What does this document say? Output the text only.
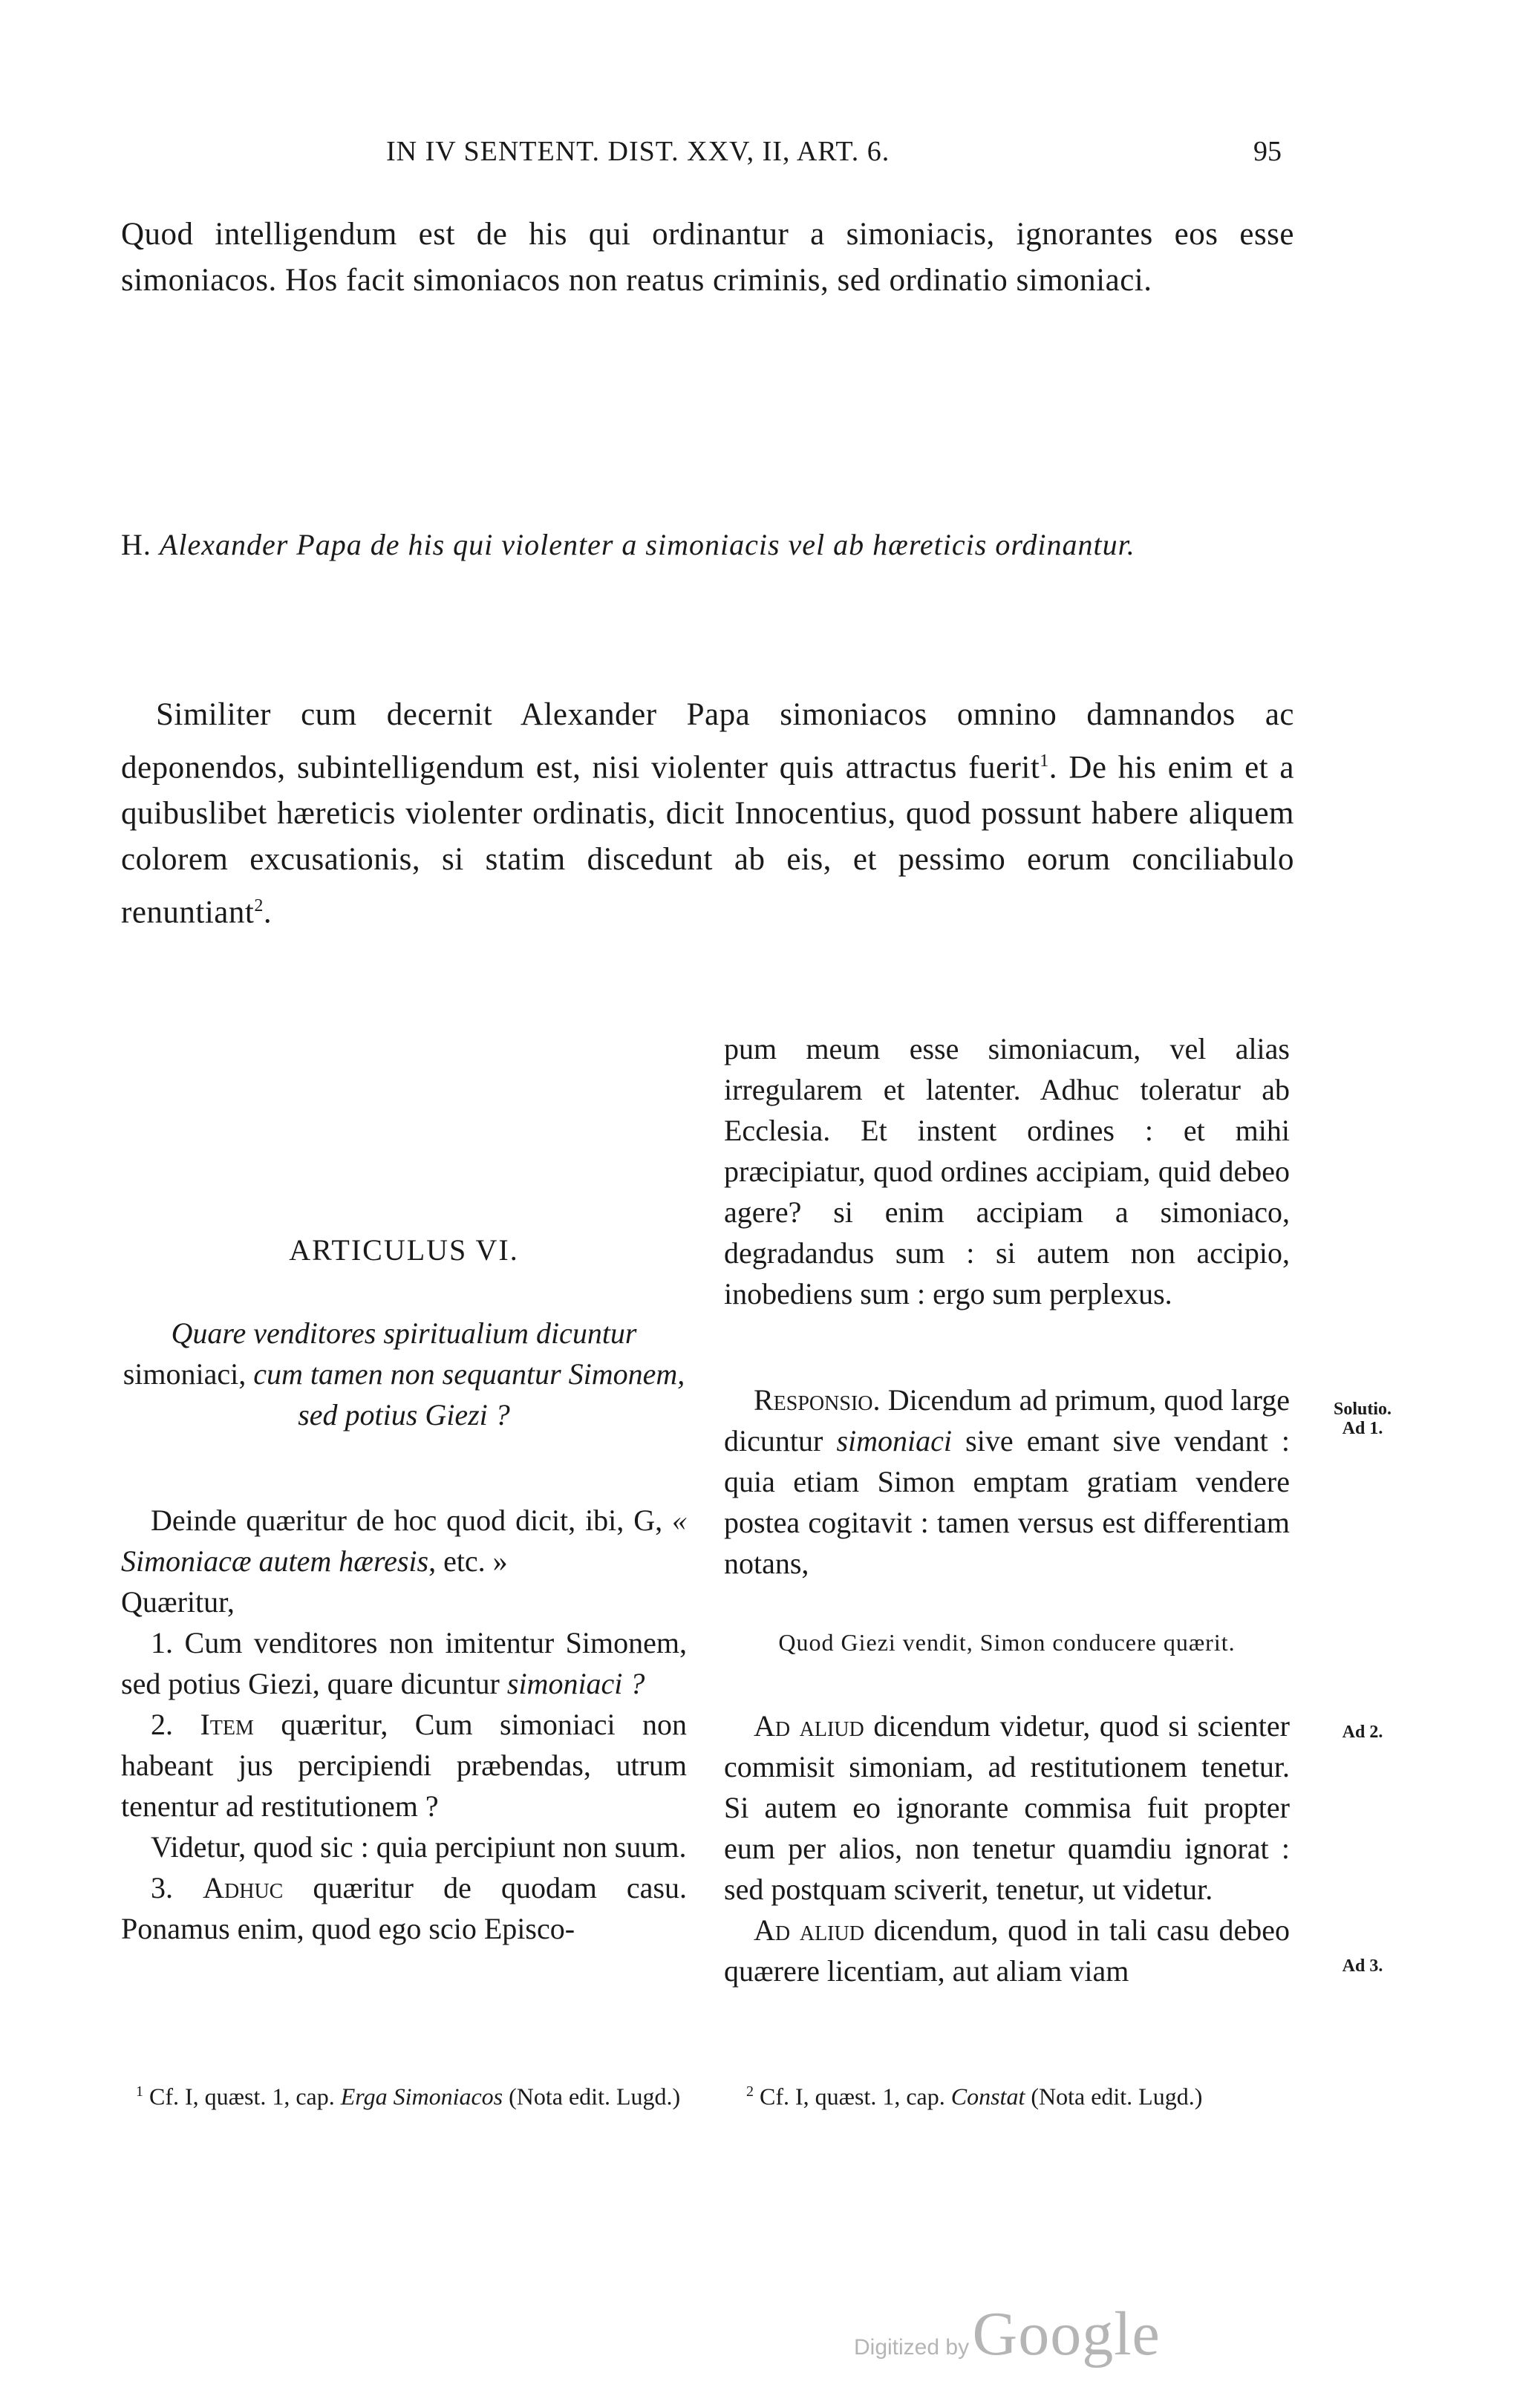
IN IV SENTENT. DIST. XXV, II, ART. 6.	95
Quod intelligendum est de his qui ordinantur a simoniacis, ignorantes eos esse simoniacos. Hos facit simoniacos non reatus criminis, sed ordinatio simoniaci.
H. Alexander Papa de his qui violenter a simoniacis vel ab hæreticis ordinantur.
Similiter cum decernit Alexander Papa simoniacos omnino damnandos ac deponendos, subintelligendum est, nisi violenter quis attractus fuerit$^1$. De his enim et a quibuslibet hæreticis violenter ordinatis, dicit Innocentius, quod possunt habere aliquem colorem excusationis, si statim discedunt ab eis, et pessimo eorum conciliabulo renuntiant$^2$.
ARTICULUS VI.
Quare venditores spiritualium dicuntur
simoniaci, cum tamen non sequantur Simonem, sed potius Giezi ?
Deinde quæritur de hoc quod dicit, ibi, G, « Simoniacæ autem hæresis, etc. »
Quæritur,
1. Cum venditores non imitentur Simonem, sed potius Giezi, quare dicuntur simoniaci ?
2. Item quæritur, Cum simoniaci non habeant jus percipiendi præbendas, utrum tenentur ad restitutionem ?
Videtur, quod sic : quia percipiunt non suum.
3. Adhuc quæritur de quodam casu. Ponamus enim, quod ego scio Episco-
pum meum esse simoniacum, vel alias irregularem et latenter. Adhuc toleratur ab Ecclesia. Et instent ordines : et mihi præcipiatur, quod ordines accipiam, quid debeo agere? si enim accipiam a simoniaco, degradandus sum : si autem non accipio, inobediens sum : ergo sum perplexus.
Responsio. Dicendum ad primum, quod large dicuntur simoniaci sive emant sive vendant : quia etiam Simon emptam gratiam vendere postea cogitavit : tamen versus est differentiam notans,
Quod Giezi vendit, Simon conducere quærit.
Ad aliud dicendum videtur, quod si scienter commisit simoniam, ad restitutionem tenetur. Si autem eo ignorante commisa fuit propter eum per alios, non tenetur quamdiu ignorat : sed postquam sciverit, tenetur, ut videtur.
Ad aliud dicendum, quod in tali casu debeo quærere licentiam, aut aliam viam
Solutio.
Ad 1.
Ad 2.
Ad 3.
$^1$ Cf. I, quæst. 1, cap. Erga Simoniacos (Nota edit. Lugd.)	$^2$ Cf. I, quæst. 1, cap. Constat (Nota edit. Lugd.)
Digitized by Google
